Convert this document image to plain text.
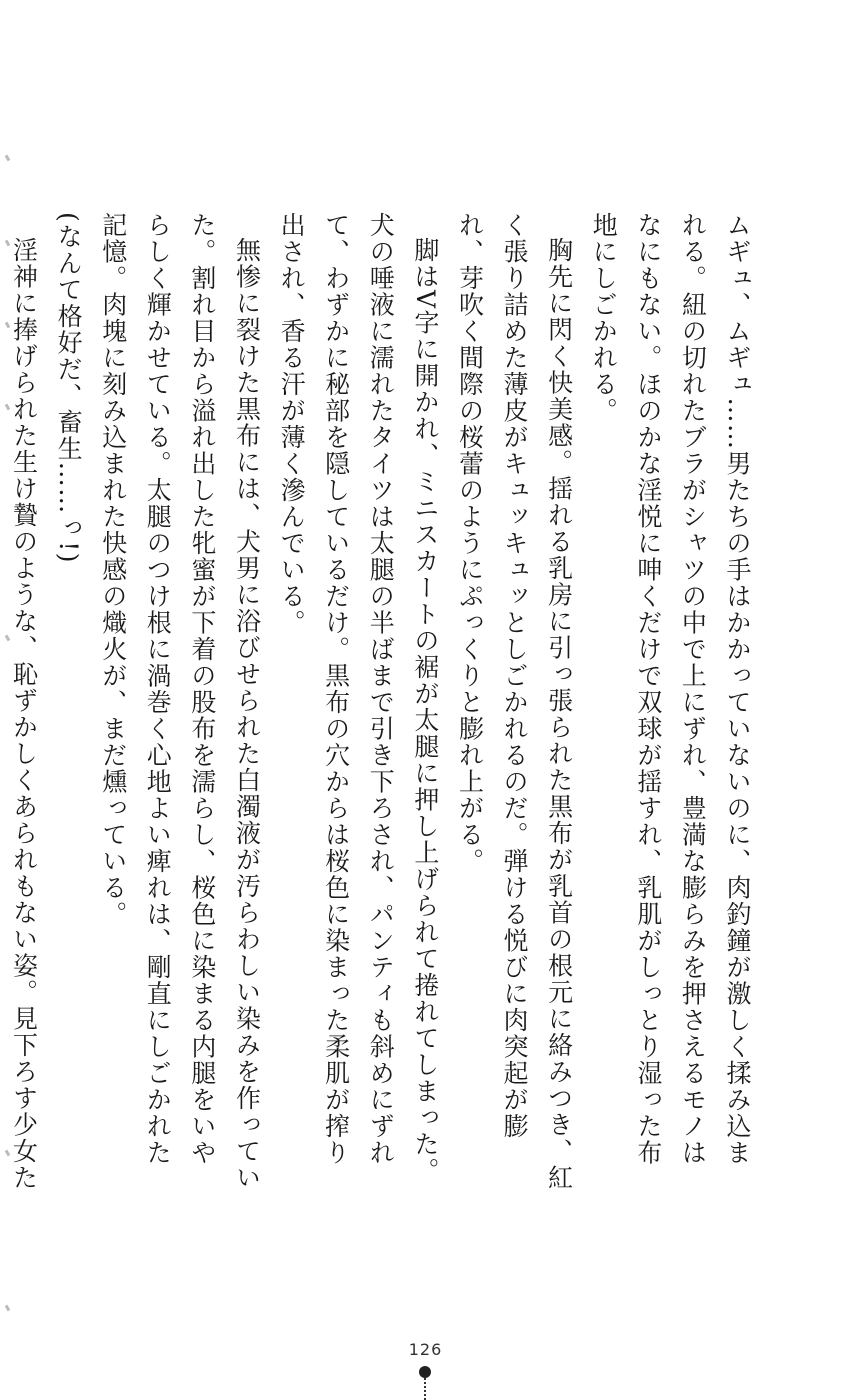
ムギュ、ムギュ……男たちの手はかかっていないのに、肉釣鐘が激しく揉み込まれる。紐の切れたブラがシャツの中で上にずれ、豊満な膨らみを押さえるモノはなにもない。ほのかな淫悦に呻くだけで双球が揺すれ、乳肌がしっとり湿った布地にしごかれる。

胸先に閃く快美感。揺れる乳房に引っ張られた黒布が乳首の根元に絡みつき、紅く張り詰めた薄皮がキュッキュッとしごかれるのだ。弾ける悦びに肉突起が膨れ、芽吹く間際の桜蕾のようにぷっくりと膨れ上がる。

脚はV字に開かれ、ミニスカートの裾が太腿に押し上げられて捲れてしまった。犬の唾液に濡れたタイツは太腿の半ばまで引き下ろされ、パンティも斜めにずれて、わずかに秘部を隠しているだけ。黒布の穴からは桜色に染まった柔肌が搾り出され、香る汗が薄く滲んでいる。

無惨に裂けた黒布には、犬男に浴びせられた白濁液が汚らわしい染みを作っていた。割れ目から溢れ出した牝蜜が下着の股布を濡らし、桜色に染まる内腿をいやらしく輝かせている。太腿のつけ根に渦巻く心地よい痺れは、剛直にしごかれた記憶。肉塊に刻み込まれた快感の熾火が、まだ燻っている。

(なんて格好だ、畜生……っ!)

淫神に捧げられた生け贄のような、恥ずかしくあられもない姿。見下ろす少女た

126
